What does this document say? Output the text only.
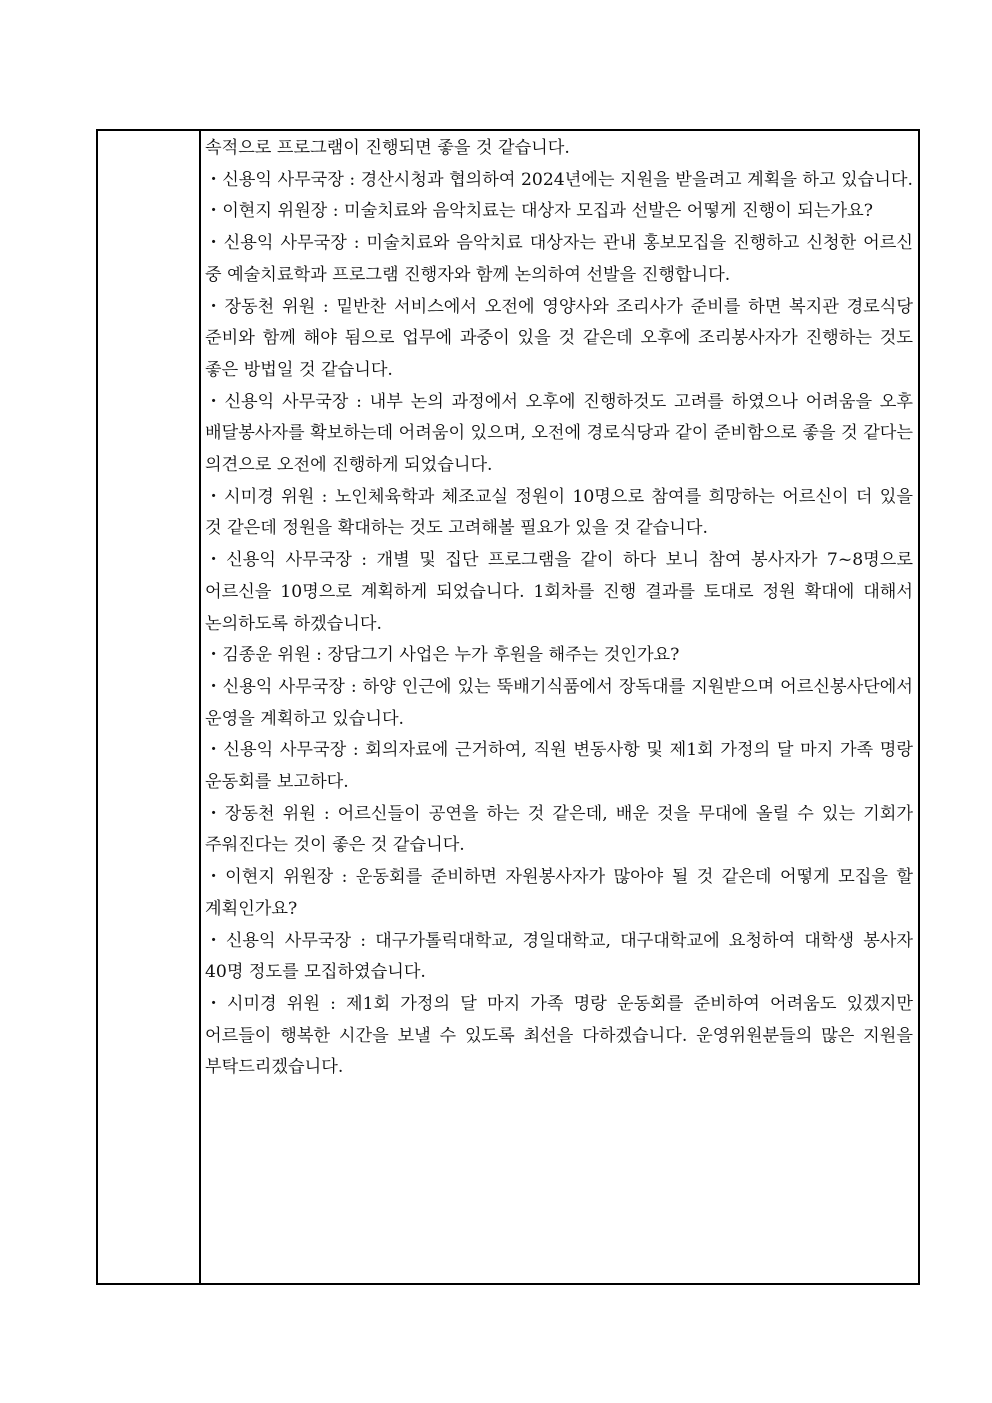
속적으로 프로그램이 진행되면 좋을 것 같습니다.

・신용익 사무국장 : 경산시청과 협의하여 2024년에는 지원을 받을려고 계획을 하고 있습니다.

・이현지 위원장 : 미술치료와 음악치료는 대상자 모집과 선발은 어떻게 진행이 되는가요?

・신용익 사무국장 : 미술치료와 음악치료 대상자는 관내 홍보모집을 진행하고 신청한 어르신 중 예술치료학과 프로그램 진행자와 함께 논의하여 선발을 진행합니다.

・장동천 위원 : 밑반찬 서비스에서 오전에 영양사와 조리사가 준비를 하면 복지관 경로식당 준비와 함께 해야 됨으로 업무에 과중이 있을 것 같은데 오후에 조리봉사자가 진행하는 것도 좋은 방법일 것 같습니다.

・신용익 사무국장 : 내부 논의 과정에서 오후에 진행하것도 고려를 하였으나 어려움을 오후 배달봉사자를 확보하는데 어려움이 있으며, 오전에 경로식당과 같이 준비함으로 좋을 것 같다는 의견으로 오전에 진행하게 되었습니다.

・시미경 위원 : 노인체육학과 체조교실 정원이 10명으로 참여를 희망하는 어르신이 더 있을 것 같은데 정원을 확대하는 것도 고려해볼 필요가 있을 것 같습니다.

・신용익 사무국장 : 개별 및 집단 프로그램을 같이 하다 보니 참여 봉사자가 7~8명으로 어르신을 10명으로 계획하게 되었습니다. 1회차를 진행 결과를 토대로 정원 확대에 대해서 논의하도록 하겠습니다.

・김종운 위원 : 장담그기 사업은 누가 후원을 해주는 것인가요?

・신용익 사무국장 : 하양 인근에 있는 뚝배기식품에서 장독대를 지원받으며 어르신봉사단에서 운영을 계획하고 있습니다.

・신용익 사무국장 : 회의자료에 근거하여, 직원 변동사항 및 제1회 가정의 달 마지 가족 명랑 운동회를 보고하다.

・장동천 위원 : 어르신들이 공연을 하는 것 같은데, 배운 것을 무대에 올릴 수 있는 기회가 주워진다는 것이 좋은 것 같습니다.

・이현지 위원장 : 운동회를 준비하면 자원봉사자가 많아야 될 것 같은데 어떻게 모집을 할 계획인가요?

・신용익 사무국장 : 대구가톨릭대학교, 경일대학교, 대구대학교에 요청하여 대학생 봉사자 40명 정도를 모집하였습니다.

・시미경 위원 : 제1회 가정의 달 마지 가족 명랑 운동회를 준비하여 어려움도 있겠지만 어르들이 행복한 시간을 보낼 수 있도록 최선을 다하겠습니다. 운영위원분들의 많은 지원을 부탁드리겠습니다.
